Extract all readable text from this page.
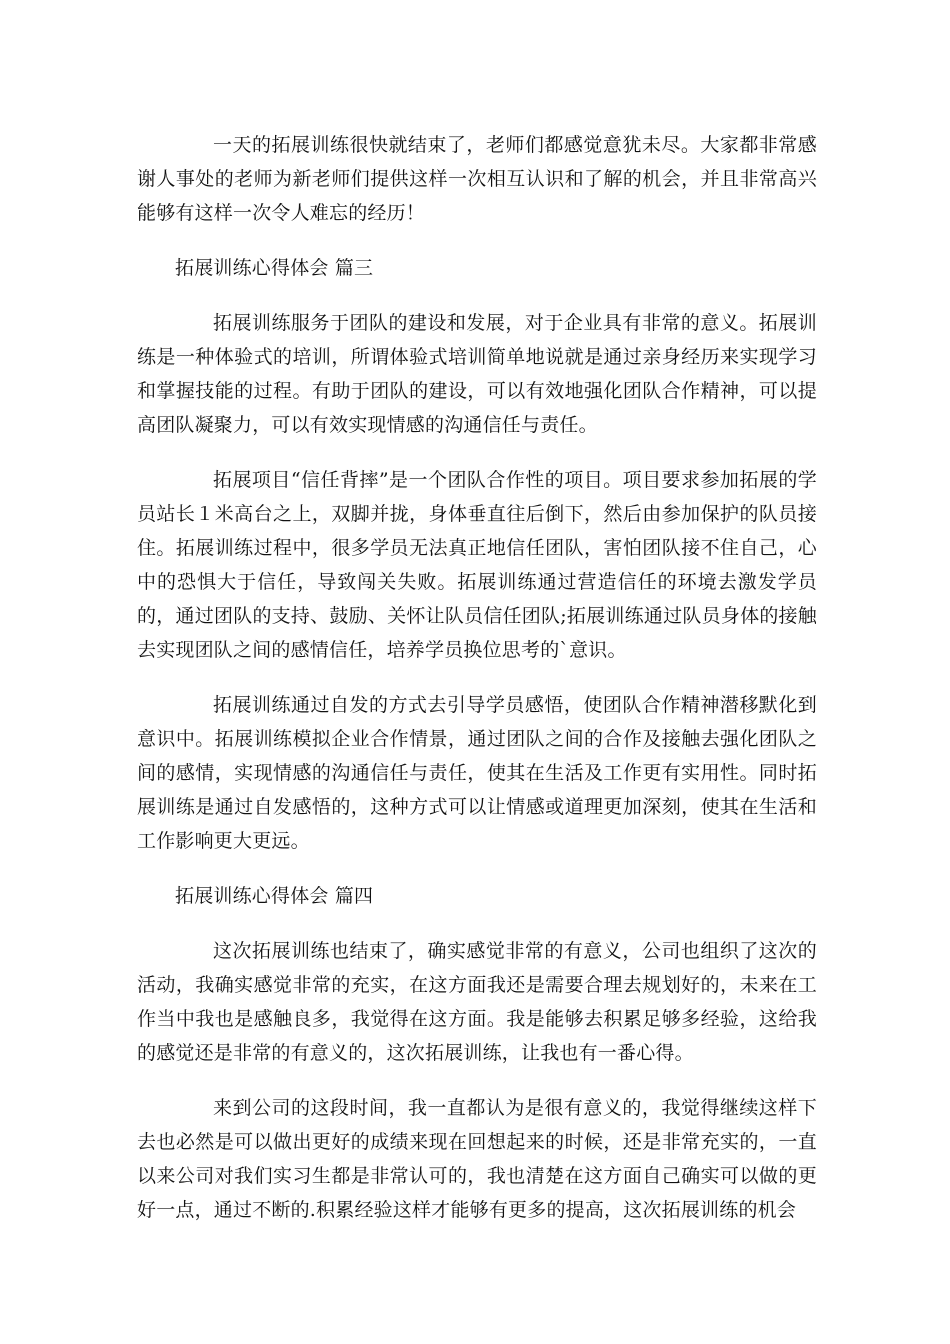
一天的拓展训练很快就结束了，老师们都感觉意犹未尽。大家都非常感谢人事处的老师为新老师们提供这样一次相互认识和了解的机会，并且非常高兴能够有这样一次令人难忘的经历！

拓展训练心得体会 篇三

拓展训练服务于团队的建设和发展，对于企业具有非常的意义。拓展训练是一种体验式的培训，所谓体验式培训简单地说就是通过亲身经历来实现学习和掌握技能的过程。有助于团队的建设，可以有效地强化团队合作精神，可以提高团队凝聚力，可以有效实现情感的沟通信任与责任。

拓展项目“信任背摔”是一个团队合作性的项目。项目要求参加拓展的学员站长１米高台之上，双脚并拢，身体垂直往后倒下，然后由参加保护的队员接住。拓展训练过程中，很多学员无法真正地信任团队，害怕团队接不住自己，心中的恐惧大于信任，导致闯关失败。拓展训练通过营造信任的环境去激发学员的，通过团队的支持、鼓励、关怀让队员信任团队;拓展训练通过队员身体的接触去实现团队之间的感情信任，培养学员换位思考的`意识。

拓展训练通过自发的方式去引导学员感悟，使团队合作精神潜移默化到意识中。拓展训练模拟企业合作情景，通过团队之间的合作及接触去强化团队之间的感情，实现情感的沟通信任与责任，使其在生活及工作更有实用性。同时拓展训练是通过自发感悟的，这种方式可以让情感或道理更加深刻，使其在生活和工作影响更大更远。

拓展训练心得体会 篇四

这次拓展训练也结束了，确实感觉非常的有意义，公司也组织了这次的活动，我确实感觉非常的充实，在这方面我还是需要合理去规划好的，未来在工作当中我也是感触良多，我觉得在这方面。我是能够去积累足够多经验，这给我的感觉还是非常的有意义的，这次拓展训练，让我也有一番心得。

来到公司的这段时间，我一直都认为是很有意义的，我觉得继续这样下去也必然是可以做出更好的成绩来现在回想起来的时候，还是非常充实的，一直以来公司对我们实习生都是非常认可的，我也清楚在这方面自己确实可以做的更好一点，通过不断的.积累经验这样才能够有更多的提高，这次拓展训练的机会
